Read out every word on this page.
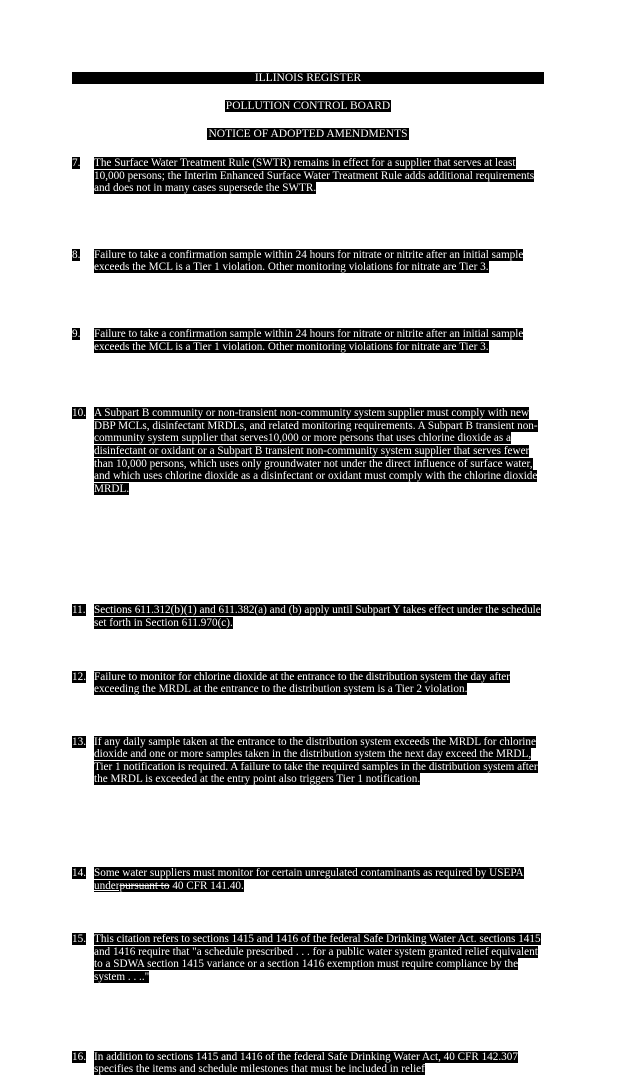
ILLINOIS REGISTER
POLLUTION CONTROL BOARD
NOTICE OF ADOPTED AMENDMENTS
7.	The Surface Water Treatment Rule (SWTR) remains in effect for a supplier that serves at least 10,000 persons; the Interim Enhanced Surface Water Treatment Rule adds additional requirements and does not in many cases supersede the SWTR.
8.	Failure to take a confirmation sample within 24 hours for nitrate or nitrite after an initial sample exceeds the MCL is a Tier 1 violation. Other monitoring violations for nitrate are Tier 3.
9.	Failure to take a confirmation sample within 24 hours for nitrate or nitrite after an initial sample exceeds the MCL is a Tier 1 violation. Other monitoring violations for nitrate are Tier 3.
10. A Subpart B community or non-transient non-community system supplier must comply with new DBP MCLs, disinfectant MRDLs, and related monitoring requirements. A Subpart B transient non-community system supplier that serves10,000 or more persons that uses chlorine dioxide as a disinfectant or oxidant or a Subpart B transient non-community system supplier that serves fewer than 10,000 persons, which uses only groundwater not under the direct influence of surface water, and which uses chlorine dioxide as a disinfectant or oxidant must comply with the chlorine dioxide MRDL.
11. Sections 611.312(b)(1) and 611.382(a) and (b) apply until Subpart Y takes effect under the schedule set forth in Section 611.970(c).
12. Failure to monitor for chlorine dioxide at the entrance to the distribution system the day after exceeding the MRDL at the entrance to the distribution system is a Tier 2 violation.
13. If any daily sample taken at the entrance to the distribution system exceeds the MRDL for chlorine dioxide and one or more samples taken in the distribution system the next day exceed the MRDL, Tier 1 notification is required. A failure to take the required samples in the distribution system after the MRDL is exceeded at the entry point also triggers Tier 1 notification.
14. Some water suppliers must monitor for certain unregulated contaminants as required by USEPA underpursuant to 40 CFR 141.40.
15. This citation refers to sections 1415 and 1416 of the federal Safe Drinking Water Act. sections 1415 and 1416 require that "a schedule prescribed . . . for a public water system granted relief equivalent to a SDWA section 1415 variance or a section 1416 exemption must require compliance by the system . . .."
16. In addition to sections 1415 and 1416 of the federal Safe Drinking Water Act, 40 CFR 142.307 specifies the items and schedule milestones that must be included in relief
